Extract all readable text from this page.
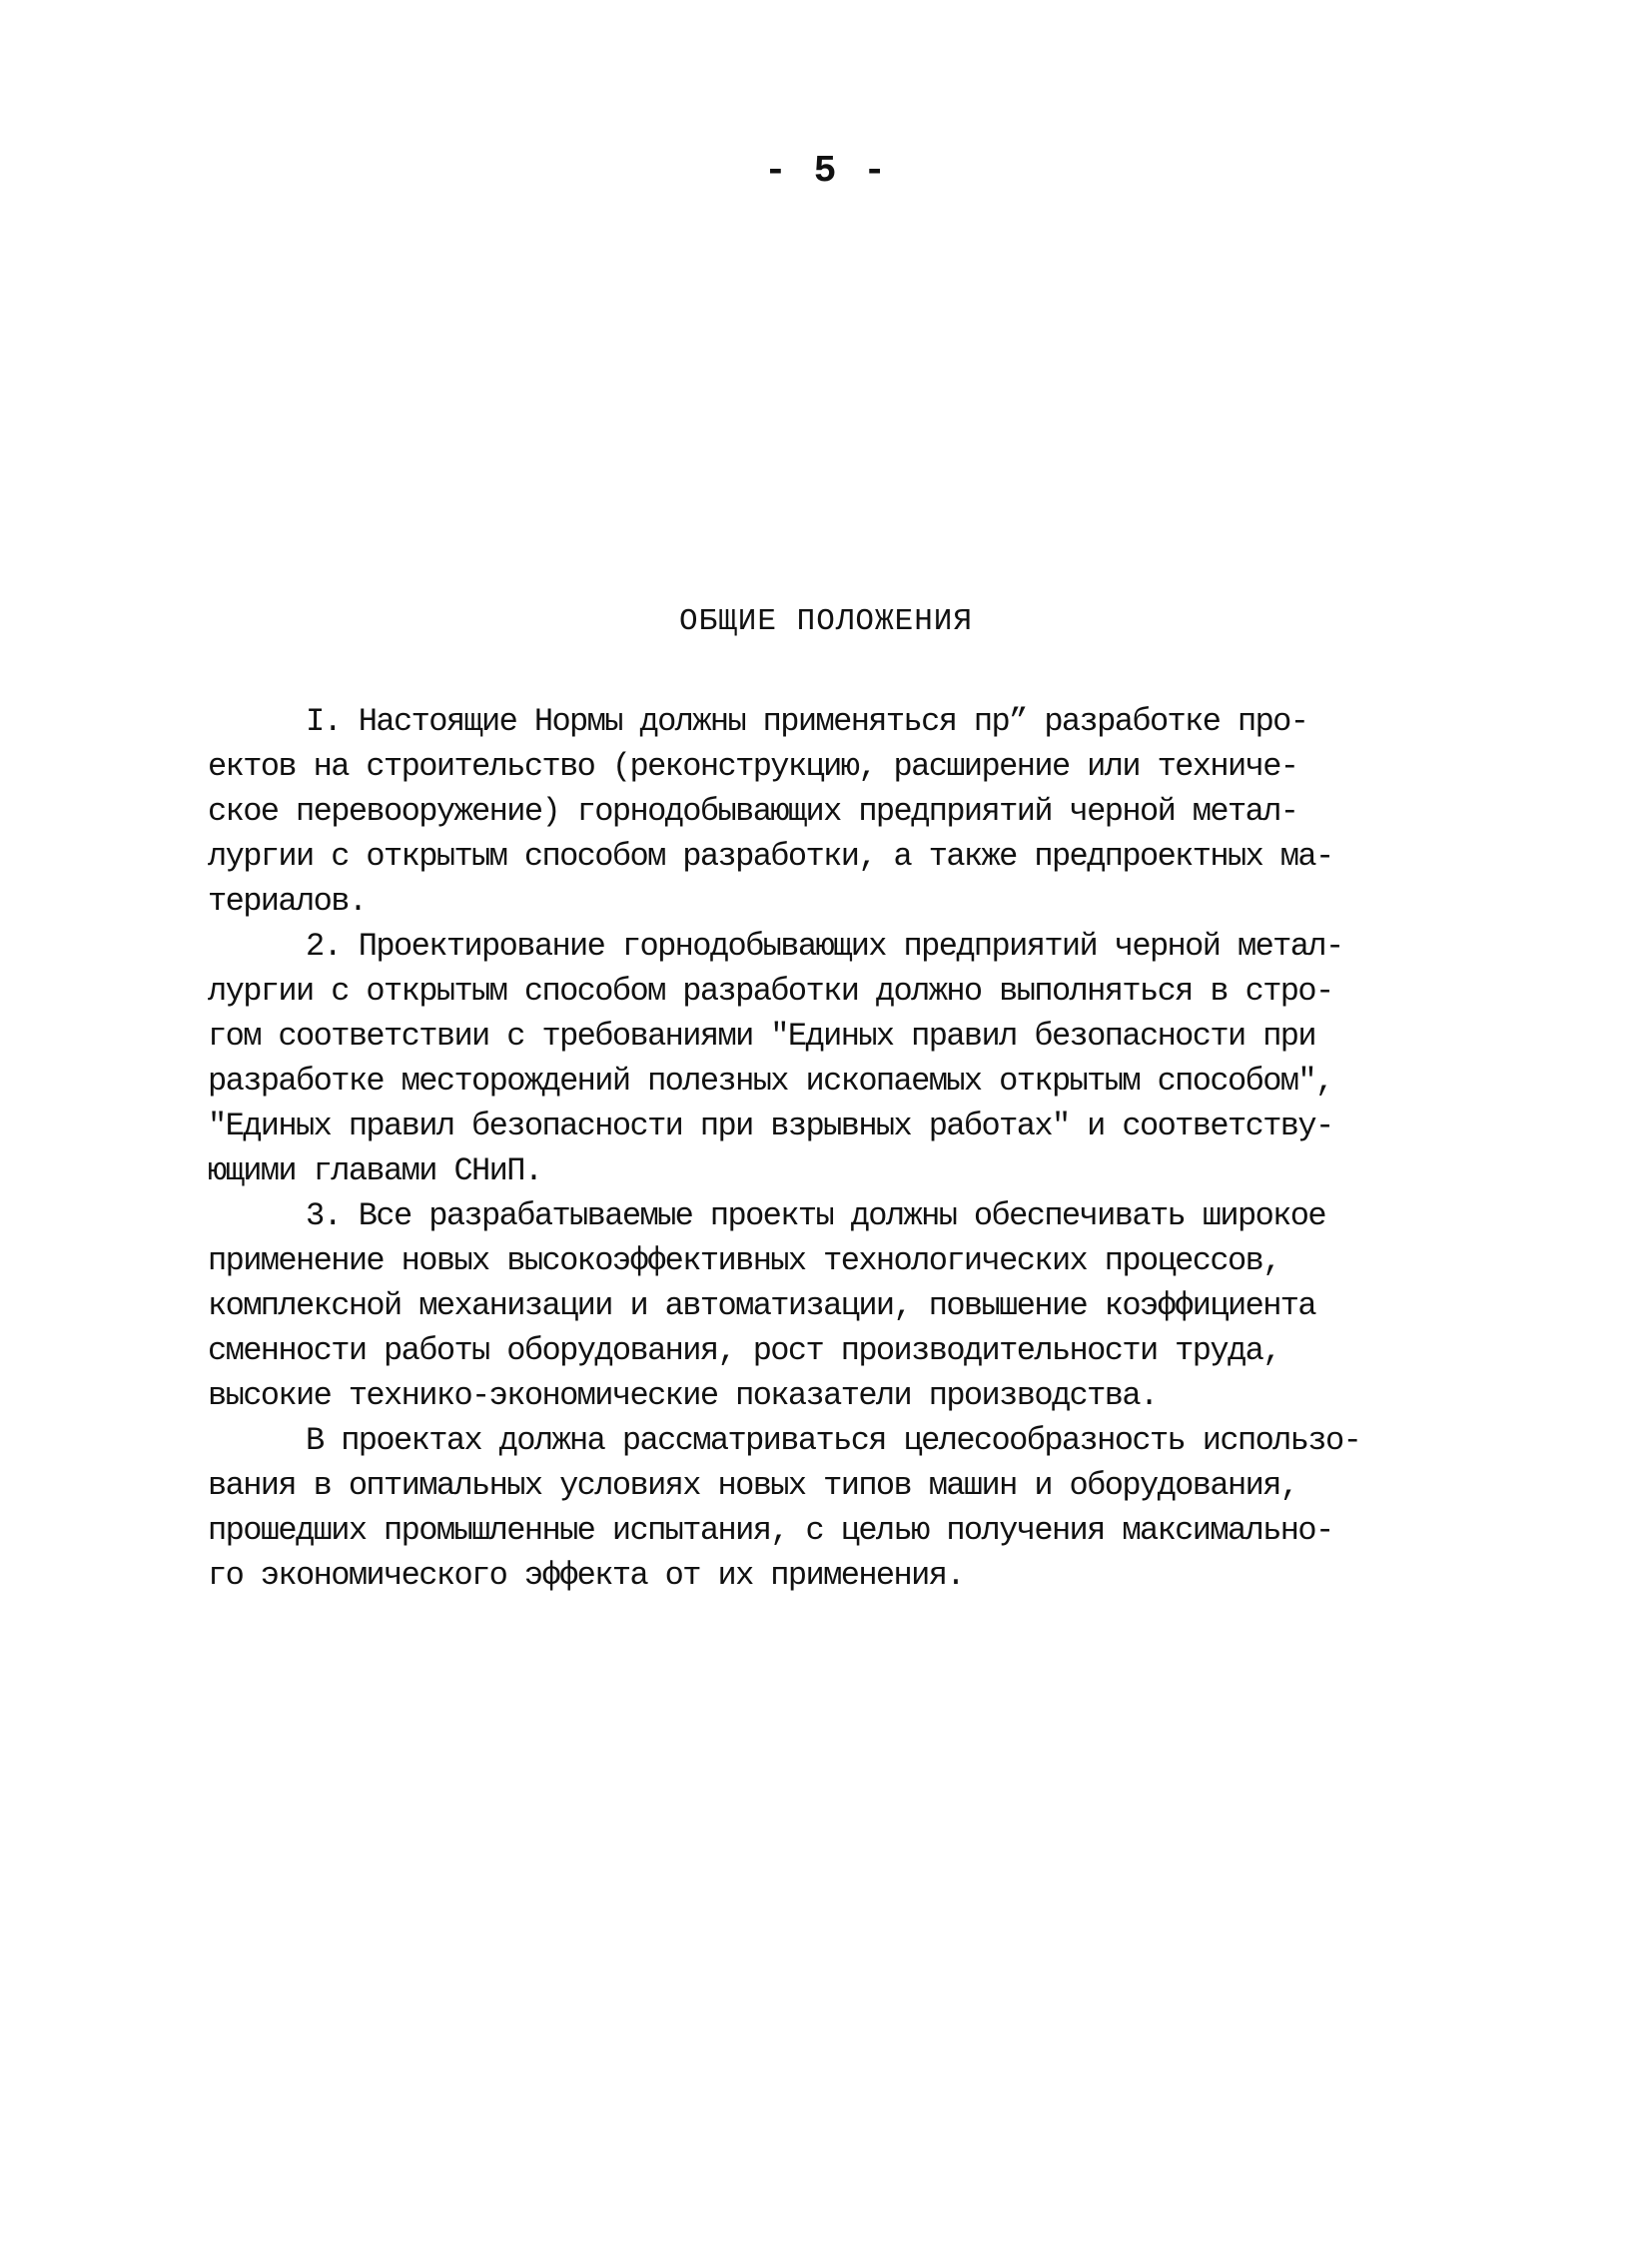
- 5 -
ОБЩИЕ ПОЛОЖЕНИЯ
I. Настоящие Нормы должны применяться пр” разработке про-
ектов на строительство (реконструкцию, расширение или техниче-
ское перевооружение) горнодобывающих предприятий черной метал-
лургии с открытым способом разработки, а также предпроектных ма-
териалов.
2. Проектирование горнодобывающих предприятий черной метал-
лургии с открытым способом разработки должно выполняться в стро-
гом соответствии с требованиями "Единых правил безопасности при
разработке месторождений полезных ископаемых открытым способом",
"Единых правил безопасности при взрывных работах" и соответству-
ющими главами СНиП.
3. Все разрабатываемые проекты должны обеспечивать широкое
применение новых высокоэффективных технологических процессов,
комплексной механизации и автоматизации, повышение коэффициента
сменности работы оборудования, рост производительности труда,
высокие технико-экономические показатели производства.
В проектах должна рассматриваться целесообразность использо-
вания в оптимальных условиях новых типов машин и оборудования,
прошедших промышленные испытания, с целью получения максимально-
го экономического эффекта от их применения.
